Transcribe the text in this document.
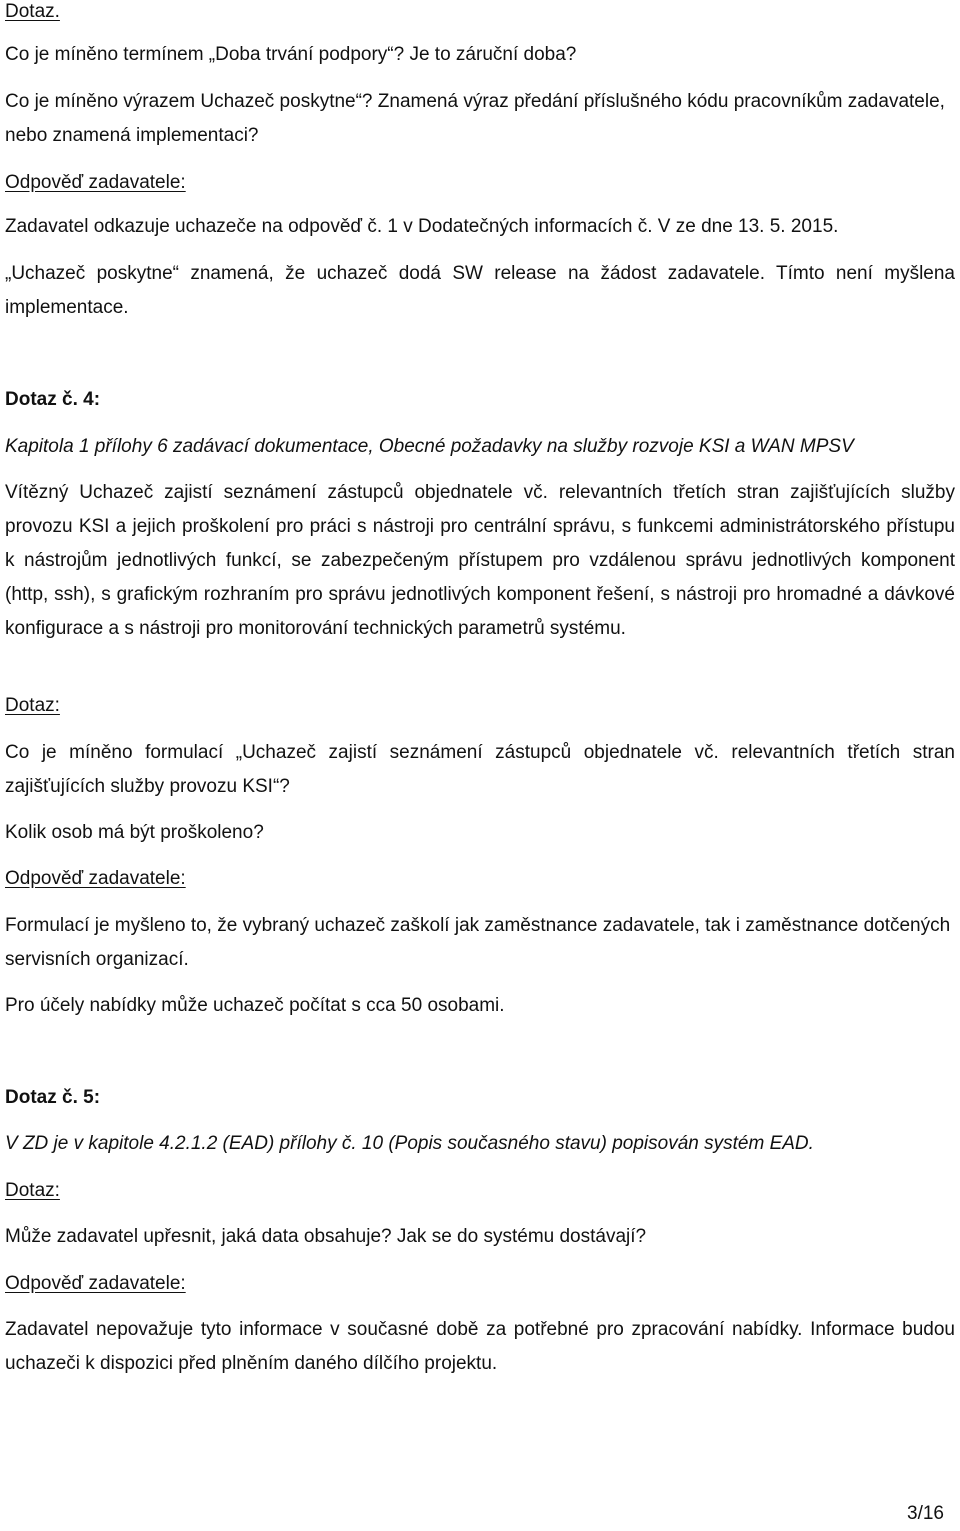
Dotaz.

Co je míněno termínem „Doba trvání podpory“? Je to záruční doba?

Co je míněno výrazem Uchazeč poskytne“? Znamená výraz předání příslušného kódu pracovníkům zadavatele, nebo znamená implementaci?

Odpověď zadavatele:

Zadavatel odkazuje uchazeče na odpověď č. 1 v Dodatečných informacích č. V ze dne 13. 5. 2015.

„Uchazeč poskytne“ znamená, že uchazeč dodá SW release na žádost zadavatele. Tímto není myšlena implementace.

Dotaz č. 4:

Kapitola 1 přílohy 6 zadávací dokumentace, Obecné požadavky na služby rozvoje KSI a WAN MPSV

Vítězný Uchazeč zajistí seznámení zástupců objednatele vč. relevantních třetích stran zajišťujících služby provozu KSI a jejich proškolení pro práci s nástroji pro centrální správu, s funkcemi administrátorského přístupu k nástrojům jednotlivých funkcí, se zabezpečeným přístupem pro vzdálenou správu jednotlivých komponent (http, ssh), s grafickým rozhraním pro správu jednotlivých komponent řešení, s nástroji pro hromadné a dávkové konfigurace a s nástroji pro monitorování technických parametrů systému.

Dotaz:

Co je míněno formulací „Uchazeč zajistí seznámení zástupců objednatele vč. relevantních třetích stran zajišťujících služby provozu KSI“?

Kolik osob má být proškoleno?

Odpověď zadavatele:

Formulací je myšleno to, že vybraný uchazeč zaškolí jak zaměstnance zadavatele, tak i zaměstnance dotčených servisních organizací.

Pro účely nabídky může uchazeč počítat s cca 50 osobami.

Dotaz č. 5:

V ZD je v kapitole 4.2.1.2 (EAD) přílohy č. 10 (Popis současného stavu) popisován systém EAD.

Dotaz:

Může zadavatel upřesnit, jaká data obsahuje? Jak se do systému dostávají?

Odpověď zadavatele:

Zadavatel nepovažuje tyto informace v současné době za potřebné pro zpracování nabídky. Informace budou uchazeči k dispozici před plněním daného dílčího projektu.

3/16
